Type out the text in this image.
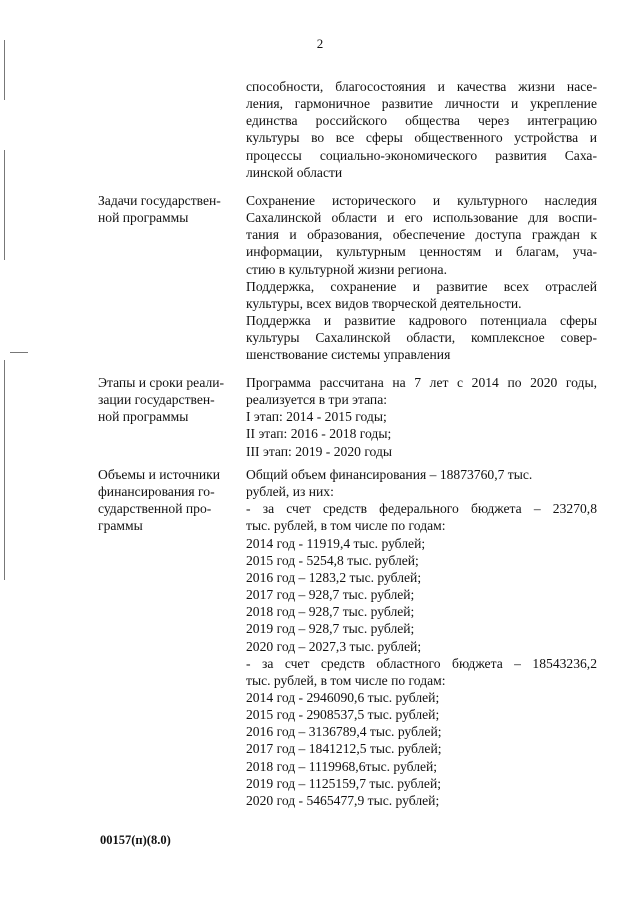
2
способности, благосостояния и качества жизни насе-
ления, гармоничное развитие личности и укрепление
единства российского общества через интеграцию
культуры во все сферы общественного устройства и
процессы социально-экономического развития Саха-
линской области
Задачи государствен-
ной программы
Сохранение исторического и культурного наследия
Сахалинской области и его использование для воспи-
тания и образования, обеспечение доступа граждан к
информации, культурным ценностям и благам, уча-
стию в культурной жизни региона.
Поддержка, сохранение и развитие всех отраслей
культуры, всех видов творческой деятельности.
Поддержка и развитие кадрового потенциала сферы
культуры Сахалинской области, комплексное совер-
шенствование системы управления
Этапы и сроки реали-
зации государствен-
ной программы
Программа рассчитана на 7 лет с 2014 по 2020 годы,
реализуется в три этапа:
I этап: 2014 - 2015 годы;
II этап: 2016 - 2018 годы;
III этап: 2019 - 2020 годы
Объемы и источники
финансирования го-
сударственной про-
граммы
Общий объем финансирования – 18873760,7 тыс.
рублей, из них:
- за счет средств федерального бюджета – 23270,8
тыс. рублей, в том числе по годам:
2014 год - 11919,4 тыс. рублей;
2015 год - 5254,8 тыс. рублей;
2016 год – 1283,2 тыс. рублей;
2017 год – 928,7 тыс. рублей;
2018 год – 928,7 тыс. рублей;
2019 год – 928,7 тыс. рублей;
2020 год – 2027,3 тыс. рублей;
- за счет средств областного бюджета – 18543236,2
тыс. рублей, в том числе по годам:
2014 год - 2946090,6 тыс. рублей;
2015 год - 2908537,5 тыс. рублей;
2016 год – 3136789,4 тыс. рублей;
2017 год – 1841212,5 тыс. рублей;
2018 год – 1119968,6тыс. рублей;
2019 год – 1125159,7 тыс. рублей;
2020 год - 5465477,9 тыс. рублей;
00157(п)(8.0)
